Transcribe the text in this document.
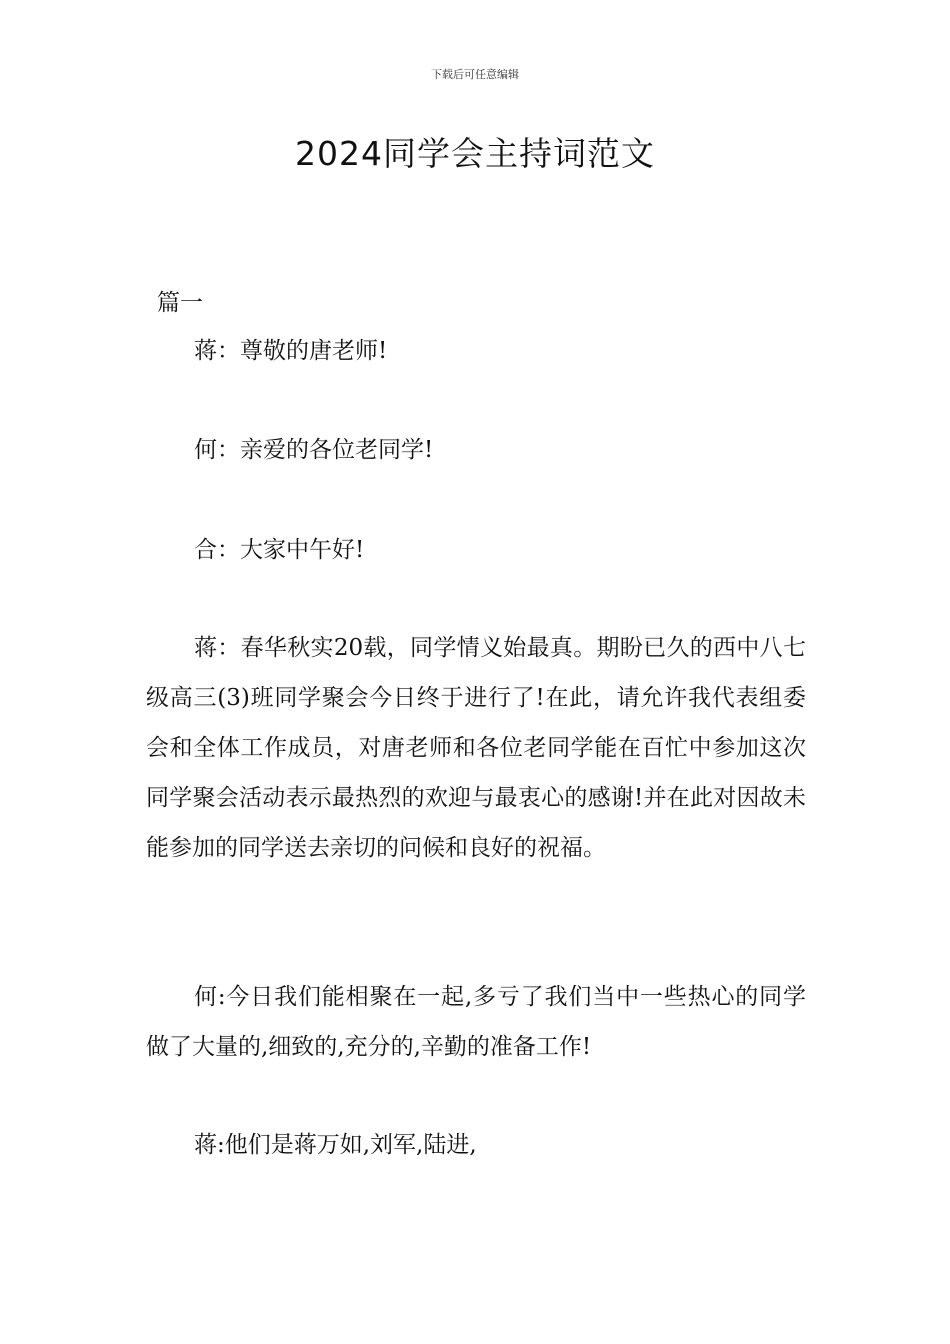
下载后可任意编辑
2024同学会主持词范文
篇一

蒋：尊敬的唐老师!

何：亲爱的各位老同学!

合：大家中午好!

蒋：春华秋实20载，同学情义始最真。期盼已久的西中八七级高三(3)班同学聚会今日终于进行了!在此，请允许我代表组委会和全体工作成员，对唐老师和各位老同学能在百忙中参加这次同学聚会活动表示最热烈的欢迎与最衷心的感谢!并在此对因故未能参加的同学送去亲切的问候和良好的祝福。

何:今日我们能相聚在一起,多亏了我们当中一些热心的同学做了大量的,细致的,充分的,辛勤的准备工作!

蒋:他们是蒋万如,刘军,陆进,
